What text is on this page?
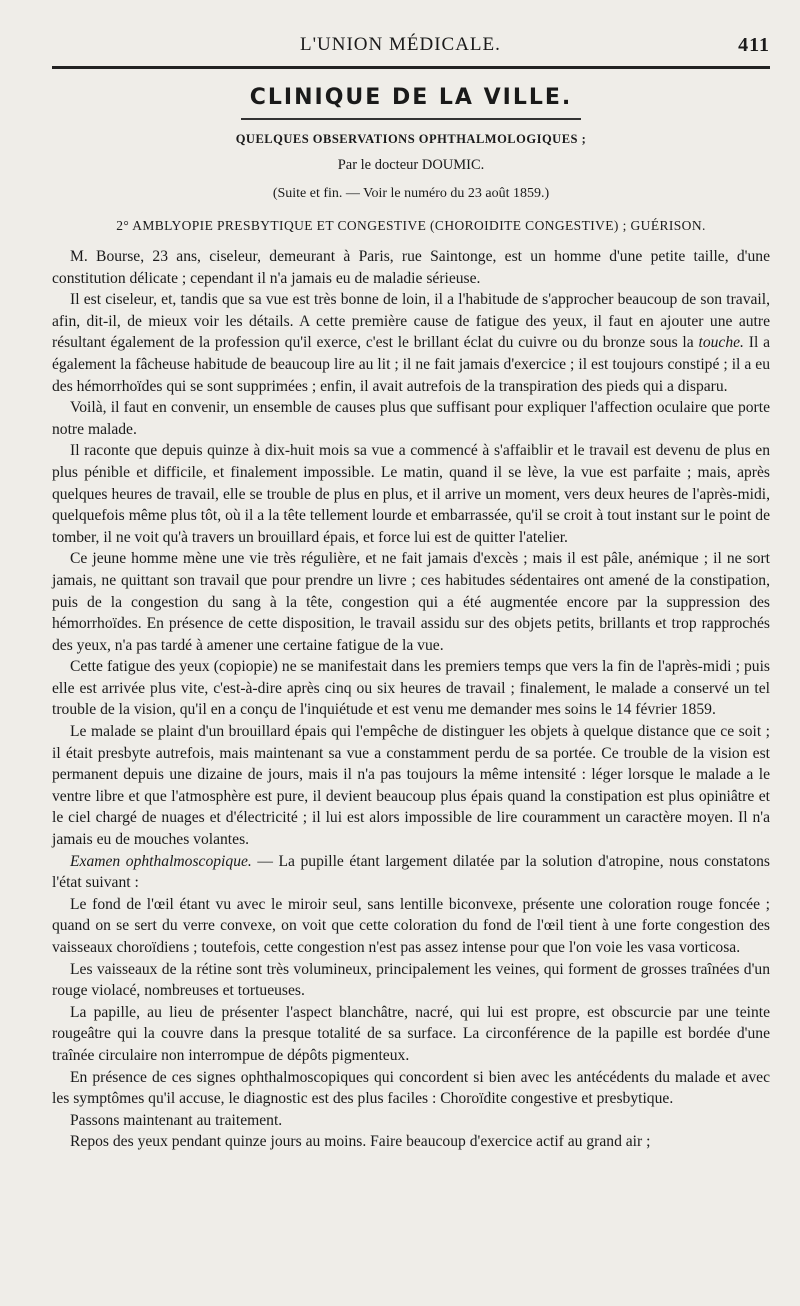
L'UNION MÉDICALE.	411
CLINIQUE DE LA VILLE.
QUELQUES OBSERVATIONS OPHTHALMOLOGIQUES ;
Par le docteur DOUMIC.
(Suite et fin. — Voir le numéro du 23 août 1859.)
2° AMBLYOPIE PRESBYTIQUE ET CONGESTIVE (CHOROIDITE CONGESTIVE) ; GUÉRISON.

M. Bourse, 23 ans, ciseleur, demeurant à Paris, rue Saintonge, est un homme d'une petite taille, d'une constitution délicate ; cependant il n'a jamais eu de maladie sérieuse.

Il est ciseleur, et, tandis que sa vue est très bonne de loin, il a l'habitude de s'approcher beaucoup de son travail, afin, dit-il, de mieux voir les détails. A cette première cause de fatigue des yeux, il faut en ajouter une autre résultant également de la profession qu'il exerce, c'est le brillant éclat du cuivre ou du bronze sous la touche. Il a également la fâcheuse habitude de beaucoup lire au lit ; il ne fait jamais d'exercice ; il est toujours constipé ; il a eu des hémorrhoïdes qui se sont supprimées ; enfin, il avait autrefois de la transpiration des pieds qui a disparu.

Voilà, il faut en convenir, un ensemble de causes plus que suffisant pour expliquer l'affection oculaire que porte notre malade.

Il raconte que depuis quinze à dix-huit mois sa vue a commencé à s'affaiblir et le travail est devenu de plus en plus pénible et difficile, et finalement impossible. Le matin, quand il se lève, la vue est parfaite ; mais, après quelques heures de travail, elle se trouble de plus en plus, et il arrive un moment, vers deux heures de l'après-midi, quelquefois même plus tôt, où il a la tête tellement lourde et embarrassée, qu'il se croit à tout instant sur le point de tomber, il ne voit qu'à travers un brouillard épais, et force lui est de quitter l'atelier.

Ce jeune homme mène une vie très régulière, et ne fait jamais d'excès ; mais il est pâle, anémique ; il ne sort jamais, ne quittant son travail que pour prendre un livre ; ces habitudes sédentaires ont amené de la constipation, puis de la congestion du sang à la tête, congestion qui a été augmentée encore par la suppression des hémorrhoïdes. En présence de cette disposition, le travail assidu sur des objets petits, brillants et trop rapprochés des yeux, n'a pas tardé à amener une certaine fatigue de la vue.

Cette fatigue des yeux (copiopie) ne se manifestait dans les premiers temps que vers la fin de l'après-midi ; puis elle est arrivée plus vite, c'est-à-dire après cinq ou six heures de travail ; finalement, le malade a conservé un tel trouble de la vision, qu'il en a conçu de l'inquiétude et est venu me demander mes soins le 14 février 1859.

Le malade se plaint d'un brouillard épais qui l'empêche de distinguer les objets à quelque distance que ce soit ; il était presbyte autrefois, mais maintenant sa vue a constamment perdu de sa portée. Ce trouble de la vision est permanent depuis une dizaine de jours, mais il n'a pas toujours la même intensité : léger lorsque le malade a le ventre libre et que l'atmosphère est pure, il devient beaucoup plus épais quand la constipation est plus opiniâtre et le ciel chargé de nuages et d'électricité ; il lui est alors impossible de lire couramment un caractère moyen. Il n'a jamais eu de mouches volantes.

Examen ophthalmoscopique. — La pupille étant largement dilatée par la solution d'atropine, nous constatons l'état suivant :

Le fond de l'œil étant vu avec le miroir seul, sans lentille biconvexe, présente une coloration rouge foncée ; quand on se sert du verre convexe, on voit que cette coloration du fond de l'œil tient à une forte congestion des vaisseaux choroïdiens ; toutefois, cette congestion n'est pas assez intense pour que l'on voie les vasa vorticosa.

Les vaisseaux de la rétine sont très volumineux, principalement les veines, qui forment de grosses traînées d'un rouge violacé, nombreuses et tortueuses.

La papille, au lieu de présenter l'aspect blanchâtre, nacré, qui lui est propre, est obscurcie par une teinte rougeâtre qui la couvre dans la presque totalité de sa surface. La circonférence de la papille est bordée d'une traînée circulaire non interrompue de dépôts pigmenteux.

En présence de ces signes ophthalmoscopiques qui concordent si bien avec les antécédents du malade et avec les symptômes qu'il accuse, le diagnostic est des plus faciles : Choroïdite congestive et presbytique.

Passons maintenant au traitement.

Repos des yeux pendant quinze jours au moins. Faire beaucoup d'exercice actif au grand air ;
